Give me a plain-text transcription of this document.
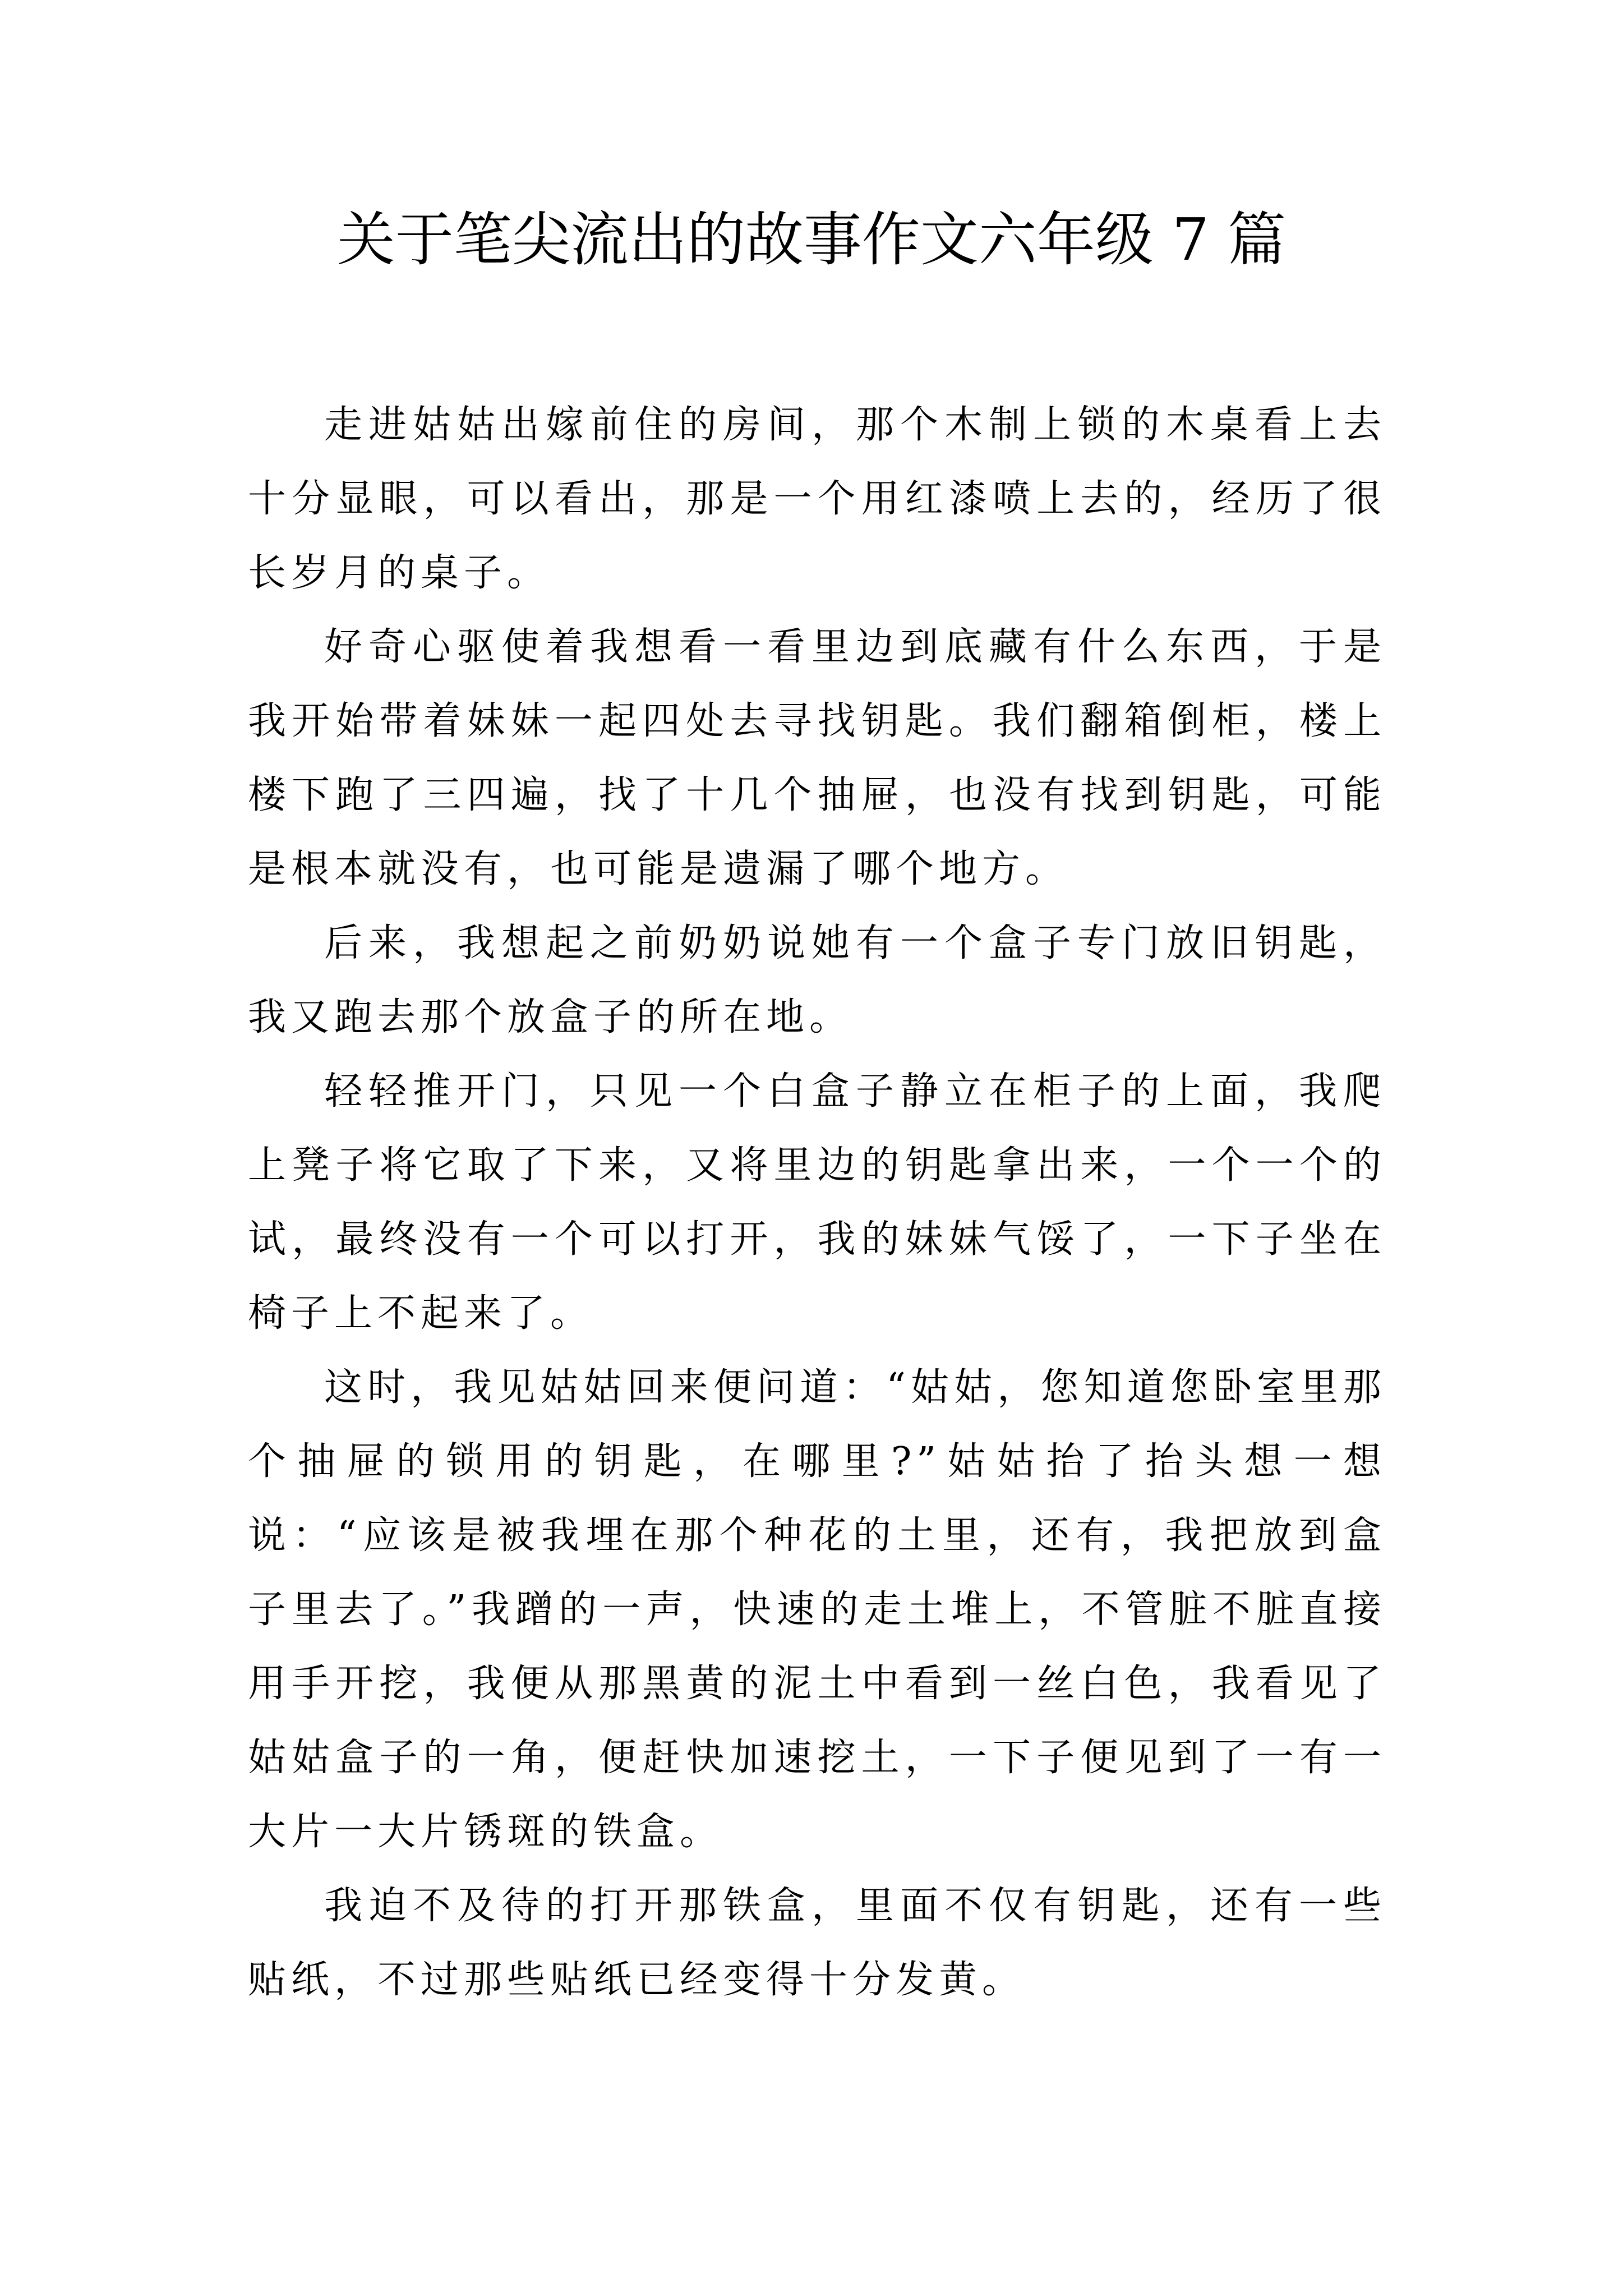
关于笔尖流出的故事作文六年级 7 篇

走进姑姑出嫁前住的房间，那个木制上锁的木桌看上去十分显眼，可以看出，那是一个用红漆喷上去的，经历了很长岁月的桌子。

好奇心驱使着我想看一看里边到底藏有什么东西，于是我开始带着妹妹一起四处去寻找钥匙。我们翻箱倒柜，楼上楼下跑了三四遍，找了十几个抽屉，也没有找到钥匙，可能是根本就没有，也可能是遗漏了哪个地方。

后来，我想起之前奶奶说她有一个盒子专门放旧钥匙，我又跑去那个放盒子的所在地。

轻轻推开门，只见一个白盒子静立在柜子的上面，我爬上凳子将它取了下来，又将里边的钥匙拿出来，一个一个的试，最终没有一个可以打开，我的妹妹气馁了，一下子坐在椅子上不起来了。

这时，我见姑姑回来便问道：“姑姑，您知道您卧室里那个抽屉的锁用的钥匙，在哪里?”姑姑抬了抬头想一想说：“应该是被我埋在那个种花的土里，还有，我把放到盒子里去了。”我蹭的一声，快速的走土堆上，不管脏不脏直接用手开挖，我便从那黑黄的泥土中看到一丝白色，我看见了姑姑盒子的一角，便赶快加速挖土，一下子便见到了一有一大片一大片锈斑的铁盒。

我迫不及待的打开那铁盒，里面不仅有钥匙，还有一些贴纸，不过那些贴纸已经变得十分发黄。
